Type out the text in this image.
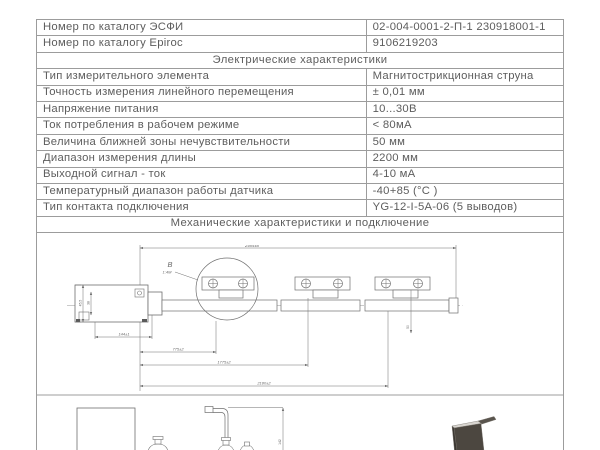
Номер по каталогу ЭСФИ	02-004-0001-2-П-1 230918001-1
Номер по каталогу Epiroc	9106219203
Электрические характеристики	
Тип измерительного элемента	Магнитострикционная струна
Точность измерения линейного перемещения	± 0,01 мм
Напряжение питания	10...30В
Ток потребления в рабочем режиме	< 80мА
Величина ближней зоны нечувствительности	50 мм
Диапазон измерения длины	2200 мм
Выходной сигнал - ток	4-10 мА
Температурный диапазон работы датчика	-40+85 (°C )
Тип контакта подключения	YG-12-I-5A-06 (5 выводов)
Механические характеристики и подключение	
2484±8
В
1:4М
45,5 38
50
144±1
775±2
1775±2
2180±2
142
